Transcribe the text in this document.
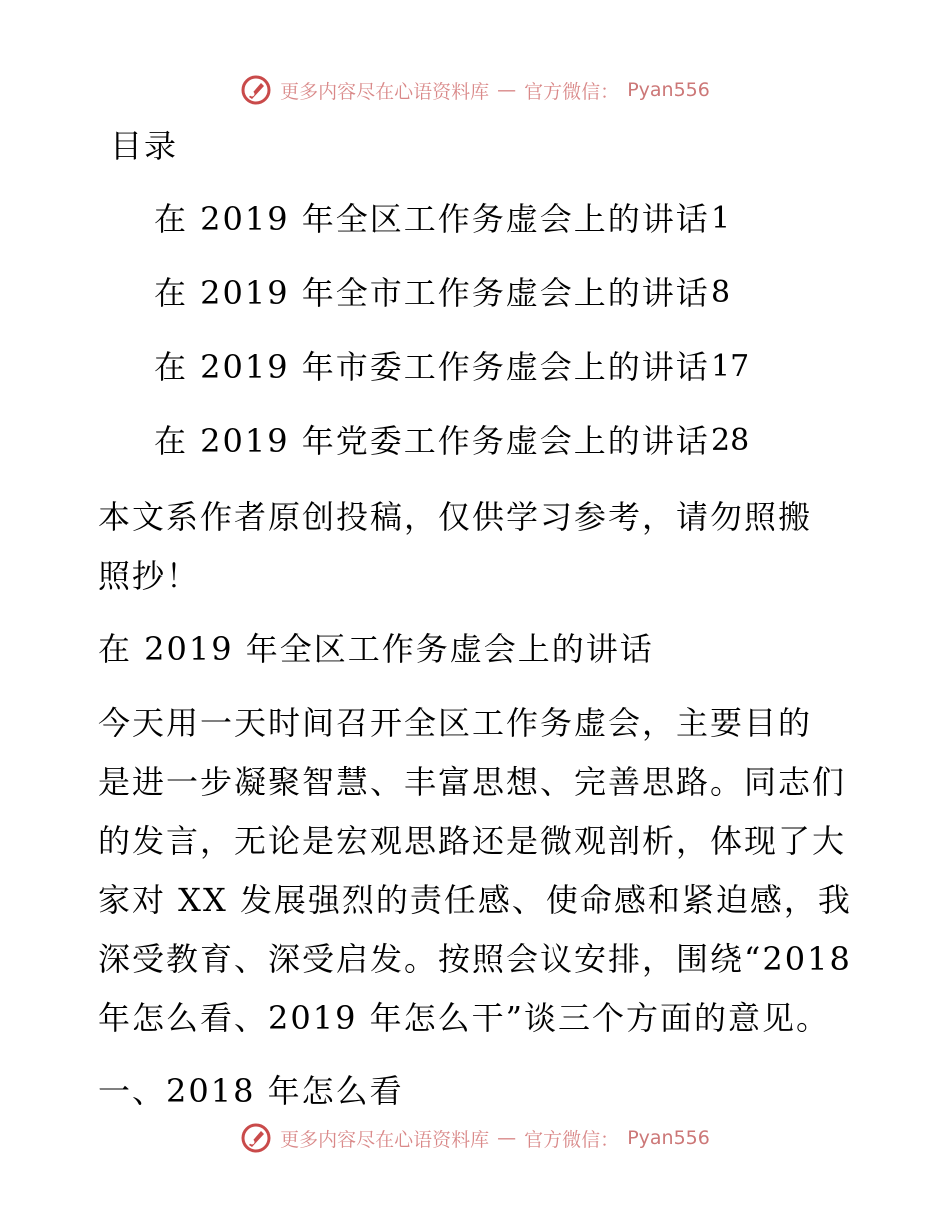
更多内容尽在心语资料库 — 官方微信： Pyan556
目录
在 2019 年全区工作务虚会上的讲话 1
在 2019 年全市工作务虚会上的讲话 8
在 2019 年市委工作务虚会上的讲话 17
在 2019 年党委工作务虚会上的讲话 28
本文系作者原创投稿，仅供学习参考，请勿照搬
照抄！
在 2019 年全区工作务虚会上的讲话
今天用一天时间召开全区工作务虚会，主要目的
是进一步凝聚智慧、丰富思想、完善思路。同志们
的发言，无论是宏观思路还是微观剖析，体现了大
家对 XX 发展强烈的责任感、使命感和紧迫感，我
深受教育、深受启发。按照会议安排，围绕“2018
年怎么看、2019 年怎么干”谈三个方面的意见。
一、2018 年怎么看
更多内容尽在心语资料库 — 官方微信： Pyan556
